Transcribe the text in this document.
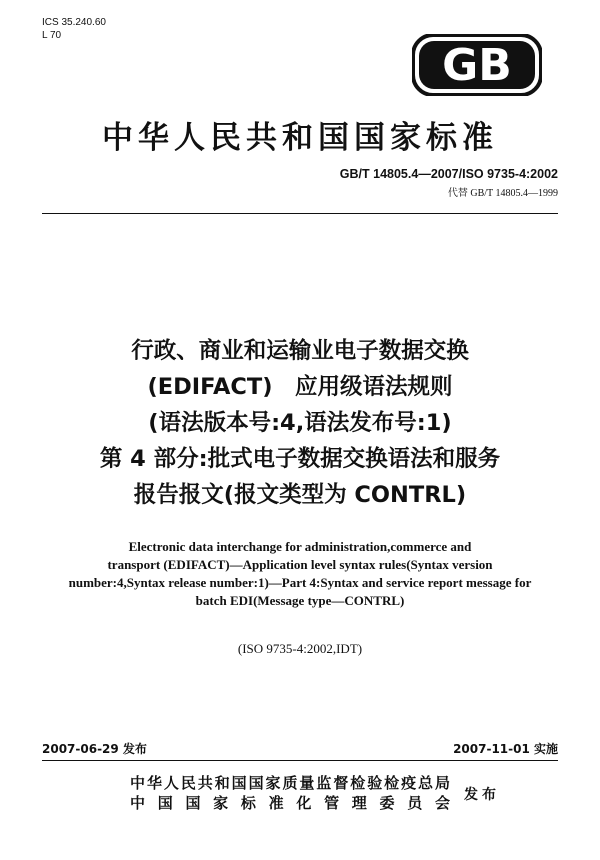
ICS 35.240.60
L 70
GB
中华人民共和国国家标准
GB/T 14805.4—2007/ISO 9735-4:2002
代替 GB/T 14805.4—1999
行政、商业和运输业电子数据交换
(EDIFACT)　应用级语法规则
(语法版本号:4,语法发布号:1)
第 4 部分:批式电子数据交换语法和服务
报告报文(报文类型为 CONTRL)
Electronic data interchange for administration,commerce and
transport (EDIFACT)—Application level syntax rules(Syntax version
number:4,Syntax release number:1)—Part 4:Syntax and service report message for
batch EDI(Message type—CONTRL)
(ISO 9735-4:2002,IDT)
2007-06-29 发布	2007-11-01 实施
中华人民共和国国家质量监督检验检疫总局
中国国家标准化管理委员会 发布
